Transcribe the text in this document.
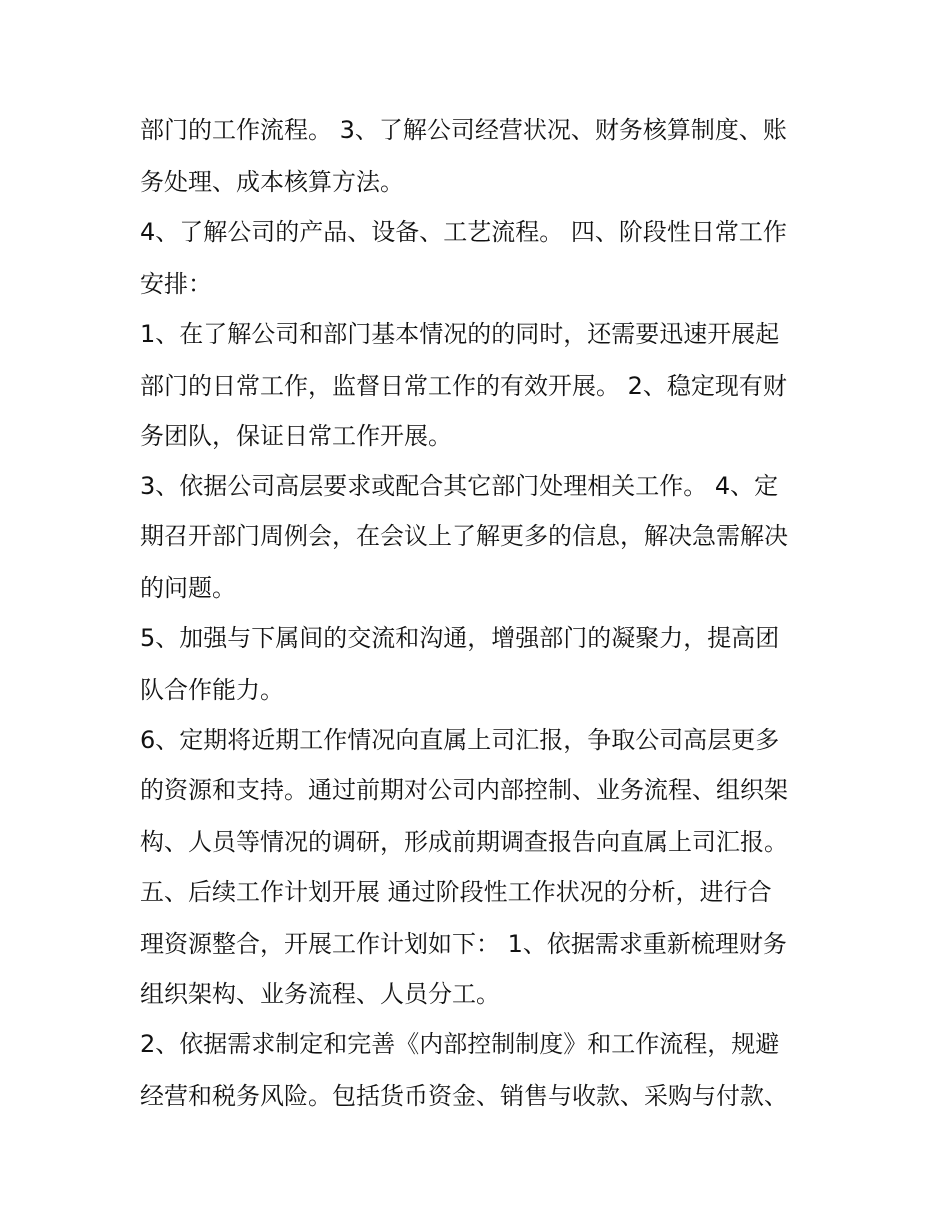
部门的工作流程。 3、了解公司经营状况、财务核算制度、账
务处理、成本核算方法。
4、了解公司的产品、设备、工艺流程。 四、阶段性日常工作
安排：
1、在了解公司和部门基本情况的的同时，还需要迅速开展起
部门的日常工作，监督日常工作的有效开展。 2、稳定现有财
务团队，保证日常工作开展。
3、依据公司高层要求或配合其它部门处理相关工作。 4、定
期召开部门周例会，在会议上了解更多的信息，解决急需解决
的问题。
5、加强与下属间的交流和沟通，增强部门的凝聚力，提高团
队合作能力。
6、定期将近期工作情况向直属上司汇报，争取公司高层更多
的资源和支持。通过前期对公司内部控制、业务流程、组织架
构、人员等情况的调研，形成前期调查报告向直属上司汇报。
五、后续工作计划开展 通过阶段性工作状况的分析，进行合
理资源整合，开展工作计划如下： 1、依据需求重新梳理财务
组织架构、业务流程、人员分工。
2、依据需求制定和完善《内部控制制度》和工作流程，规避
经营和税务风险。包括货币资金、销售与收款、采购与付款、
